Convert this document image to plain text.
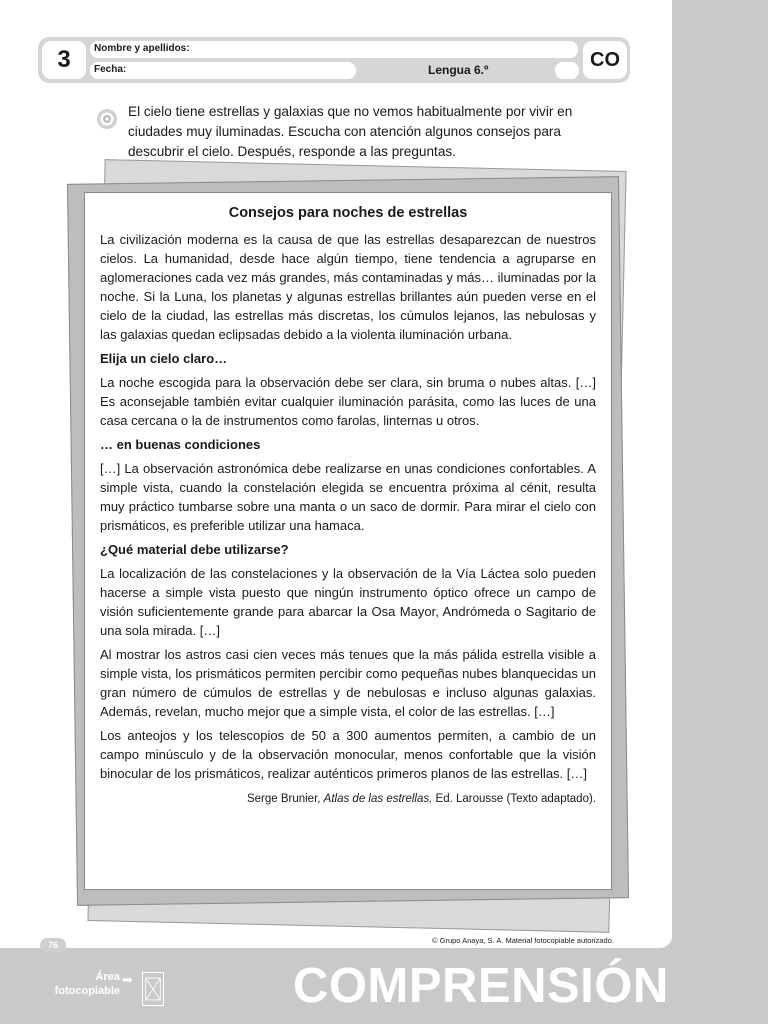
3	Nombre y apellidos:
Fecha:	Lengua 6.º	CO
El cielo tiene estrellas y galaxias que no vemos habitualmente por vivir en ciudades muy iluminadas. Escucha con atención algunos consejos para descubrir el cielo. Después, responde a las preguntas.
Consejos para noches de estrellas

La civilización moderna es la causa de que las estrellas desaparezcan de nuestros cielos. La humanidad, desde hace algún tiempo, tiene tendencia a agruparse en aglomeraciones cada vez más grandes, más contaminadas y más… iluminadas por la noche. Si la Luna, los planetas y algunas estrellas brillantes aún pueden verse en el cielo de la ciudad, las estrellas más discretas, los cúmulos lejanos, las nebulosas y las galaxias quedan eclipsadas debido a la violenta iluminación urbana.

Elija un cielo claro…

La noche escogida para la observación debe ser clara, sin bruma o nubes altas. […] Es aconsejable también evitar cualquier iluminación parásita, como las luces de una casa cercana o la de instrumentos como farolas, linternas u otros.

… en buenas condiciones

[…] La observación astronómica debe realizarse en unas condiciones confortables. A simple vista, cuando la constelación elegida se encuentra próxima al cénit, resulta muy práctico tumbarse sobre una manta o un saco de dormir. Para mirar el cielo con prismáticos, es preferible utilizar una hamaca.

¿Qué material debe utilizarse?

La localización de las constelaciones y la observación de la Vía Láctea solo pueden hacerse a simple vista puesto que ningún instrumento óptico ofrece un campo de visión suficientemente grande para abarcar la Osa Mayor, Andrómeda o Sagitario de una sola mirada. […]

Al mostrar los astros casi cien veces más tenues que la más pálida estrella visible a simple vista, los prismáticos permiten percibir como pequeñas nubes blanquecidas un gran número de cúmulos de estrellas y de nebulosas e incluso algunas galaxias. Además, revelan, mucho mejor que a simple vista, el color de las estrellas. […]

Los anteojos y los telescopios de 50 a 300 aumentos permiten, a cambio de un campo minúsculo y de la observación monocular, menos confortable que la visión binocular de los prismáticos, realizar auténticos primeros planos de las estrellas. […]

Serge Brunier, Atlas de las estrellas, Ed. Larousse (Texto adaptado).
76	© Grupo Anaya, S. A. Material fotocopiable autorizado.
Área
fotocopiable
➡	COMPRENSIÓN
